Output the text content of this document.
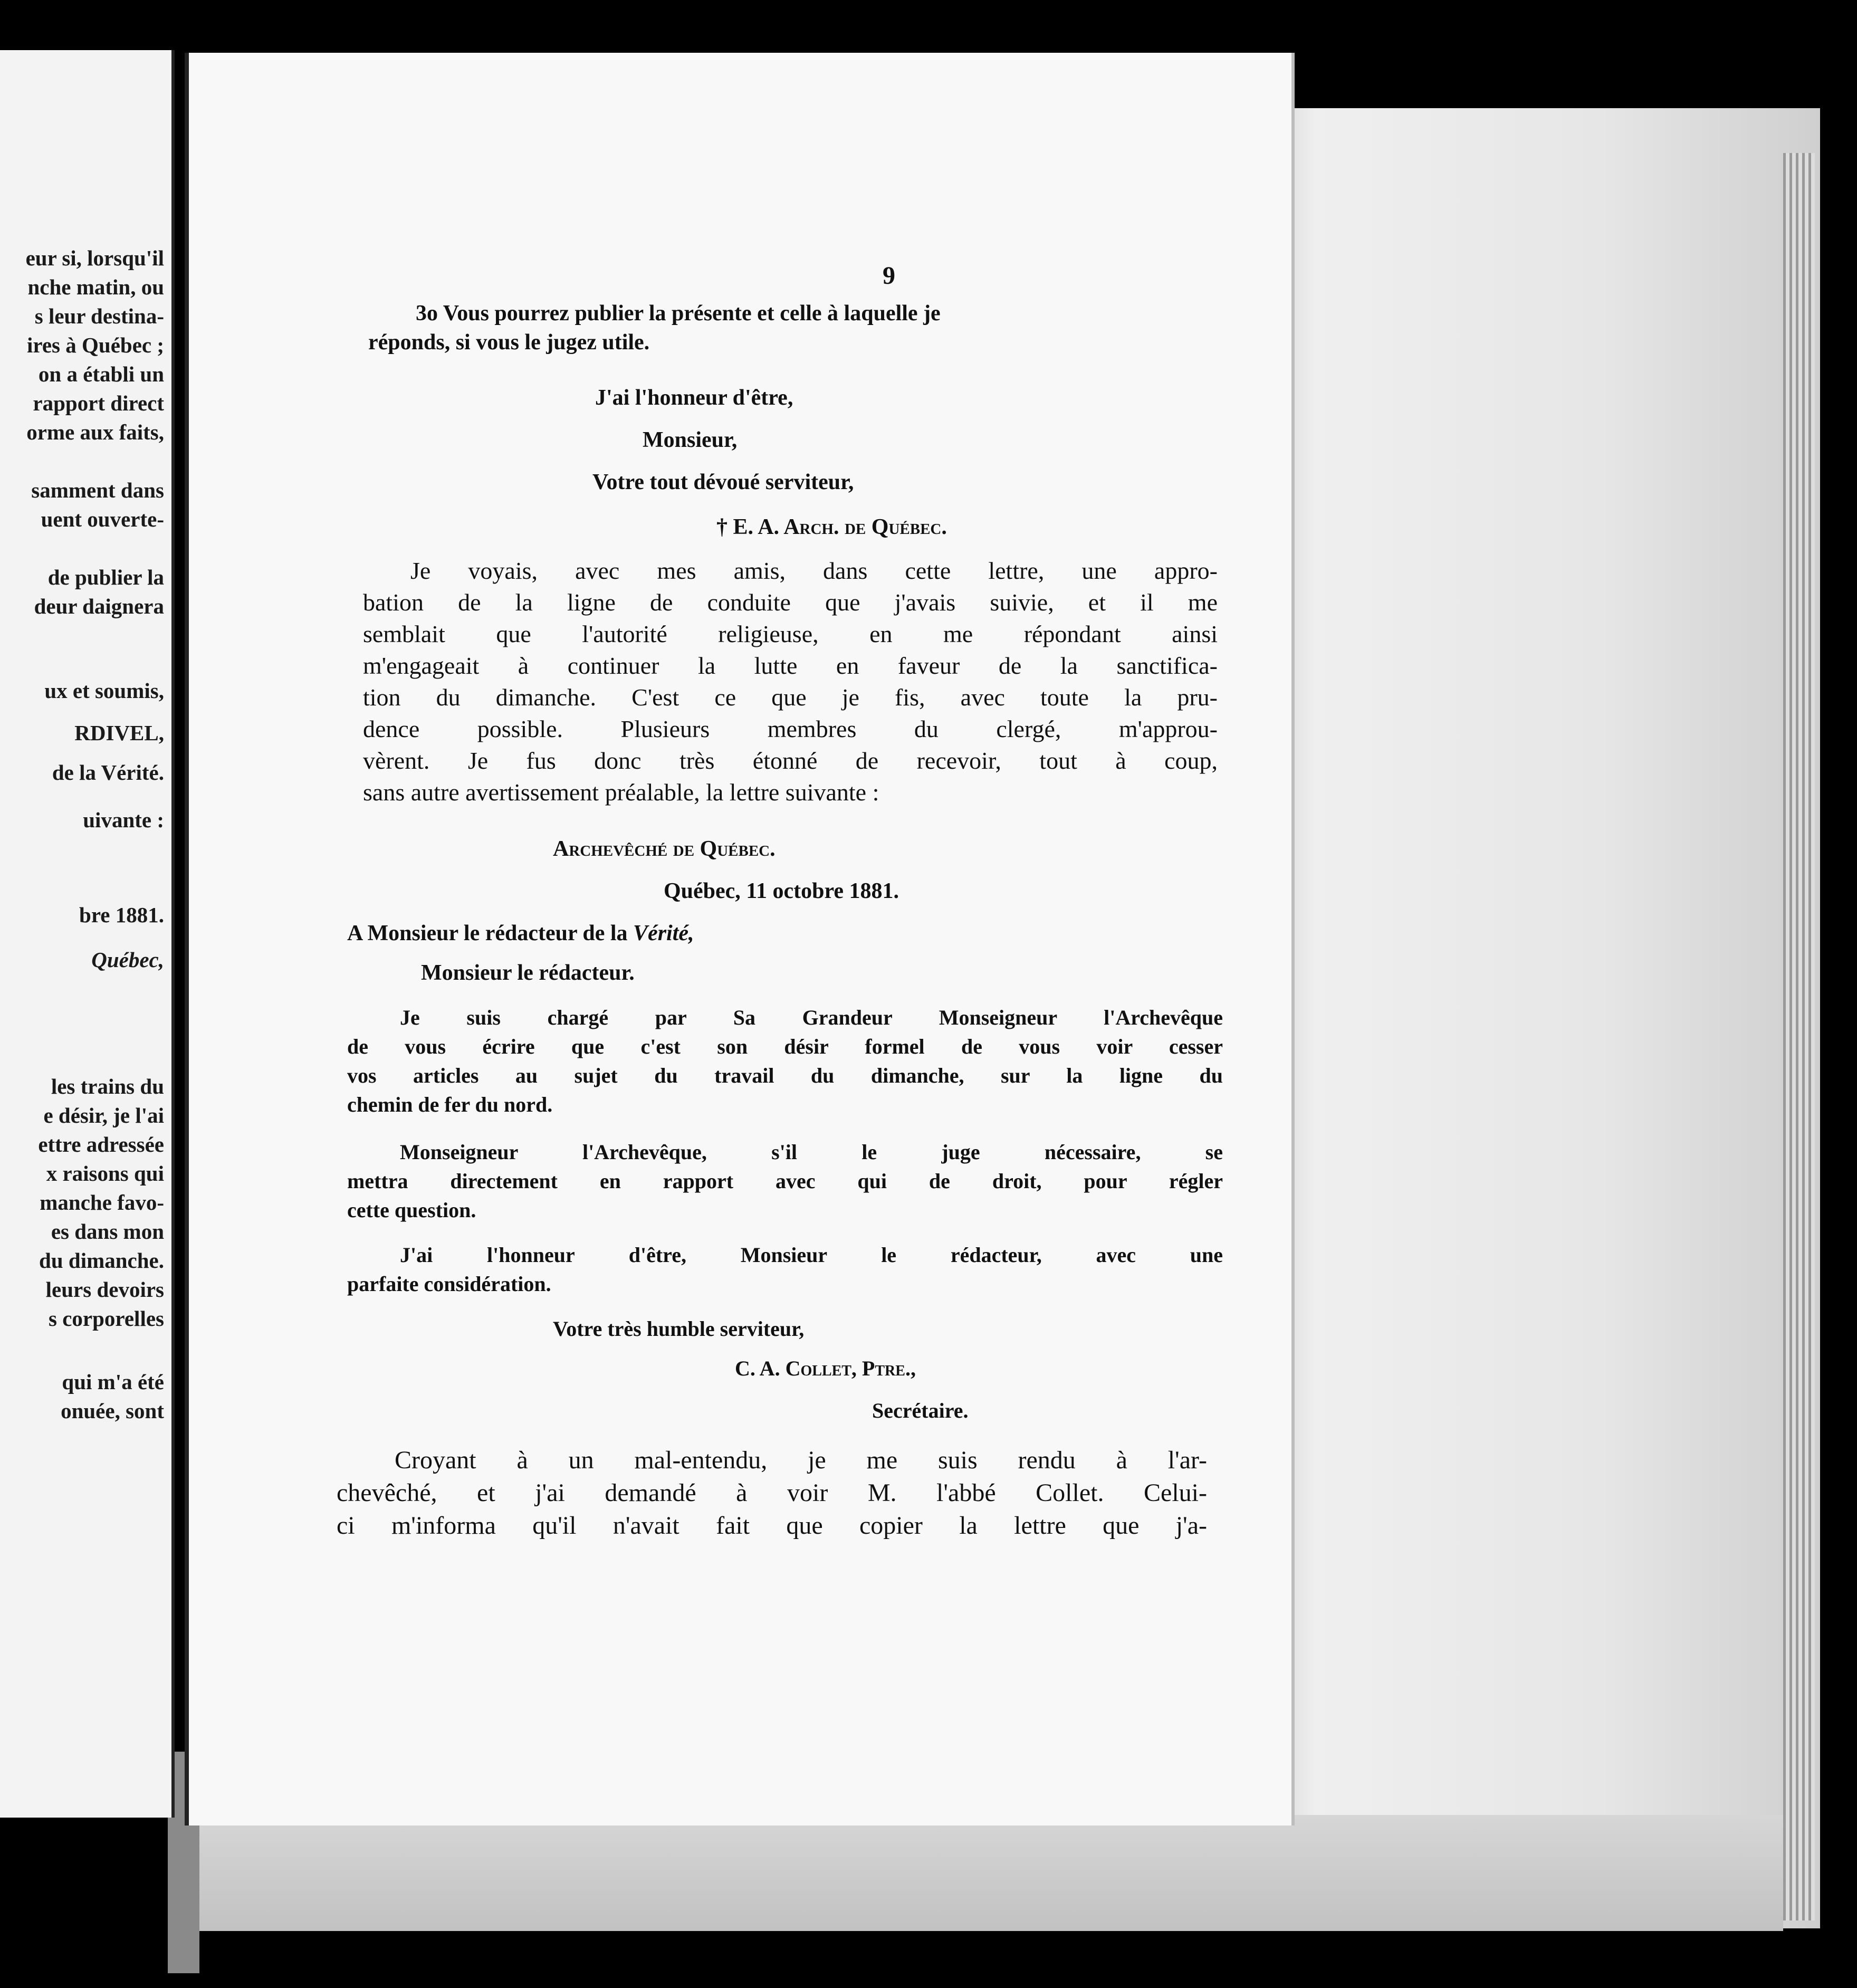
eur si, lorsqu'il
nche matin, ou
s leur destina-
ires à Québec ;
on a établi un
rapport direct
orme aux faits,
samment dans
uent ouverte-
de publier la
deur daignera
ux et soumis,
RDIVEL,
de la Vérité.
uivante :
bre 1881.
Québec,
les trains du
e désir, je l'ai
ettre adressée
x raisons qui
manche favo-
es dans mon
du dimanche.
leurs devoirs
s corporelles
qui m'a été
onuée, sont
9
3o Vous pourrez publier la présente et celle à laquelle je
réponds, si vous le jugez utile.
J'ai l'honneur d'être,
Monsieur,
Votre tout dévoué serviteur,
† E. A. Arch. de Québec.
Je voyais, avec mes amis, dans cette lettre, une appro-
bation de la ligne de conduite que j'avais suivie, et il me
semblait que l'autorité religieuse, en me répondant ainsi
m'engageait à continuer la lutte en faveur de la sanctifica-
tion du dimanche. C'est ce que je fis, avec toute la pru-
dence possible. Plusieurs membres du clergé, m'approu-
vèrent. Je fus donc très étonné de recevoir, tout à coup,
sans autre avertissement préalable, la lettre suivante :
Archevêché de Québec.
Québec, 11 octobre 1881.
A Monsieur le rédacteur de la Vérité,
Monsieur le rédacteur.
Je suis chargé par Sa Grandeur Monseigneur l'Archevêque
de vous écrire que c'est son désir formel de vous voir cesser
vos articles au sujet du travail du dimanche, sur la ligne du
chemin de fer du nord.
Monseigneur l'Archevêque, s'il le juge nécessaire, se
mettra directement en rapport avec qui de droit, pour régler
cette question.
J'ai l'honneur d'être, Monsieur le rédacteur, avec une
parfaite considération.
Votre très humble serviteur,
C. A. Collet, Ptre.,
Secrétaire.
Croyant à un mal-entendu, je me suis rendu à l'ar-
chevêché, et j'ai demandé à voir M. l'abbé Collet. Celui-
ci m'informa qu'il n'avait fait que copier la lettre que j'a-
